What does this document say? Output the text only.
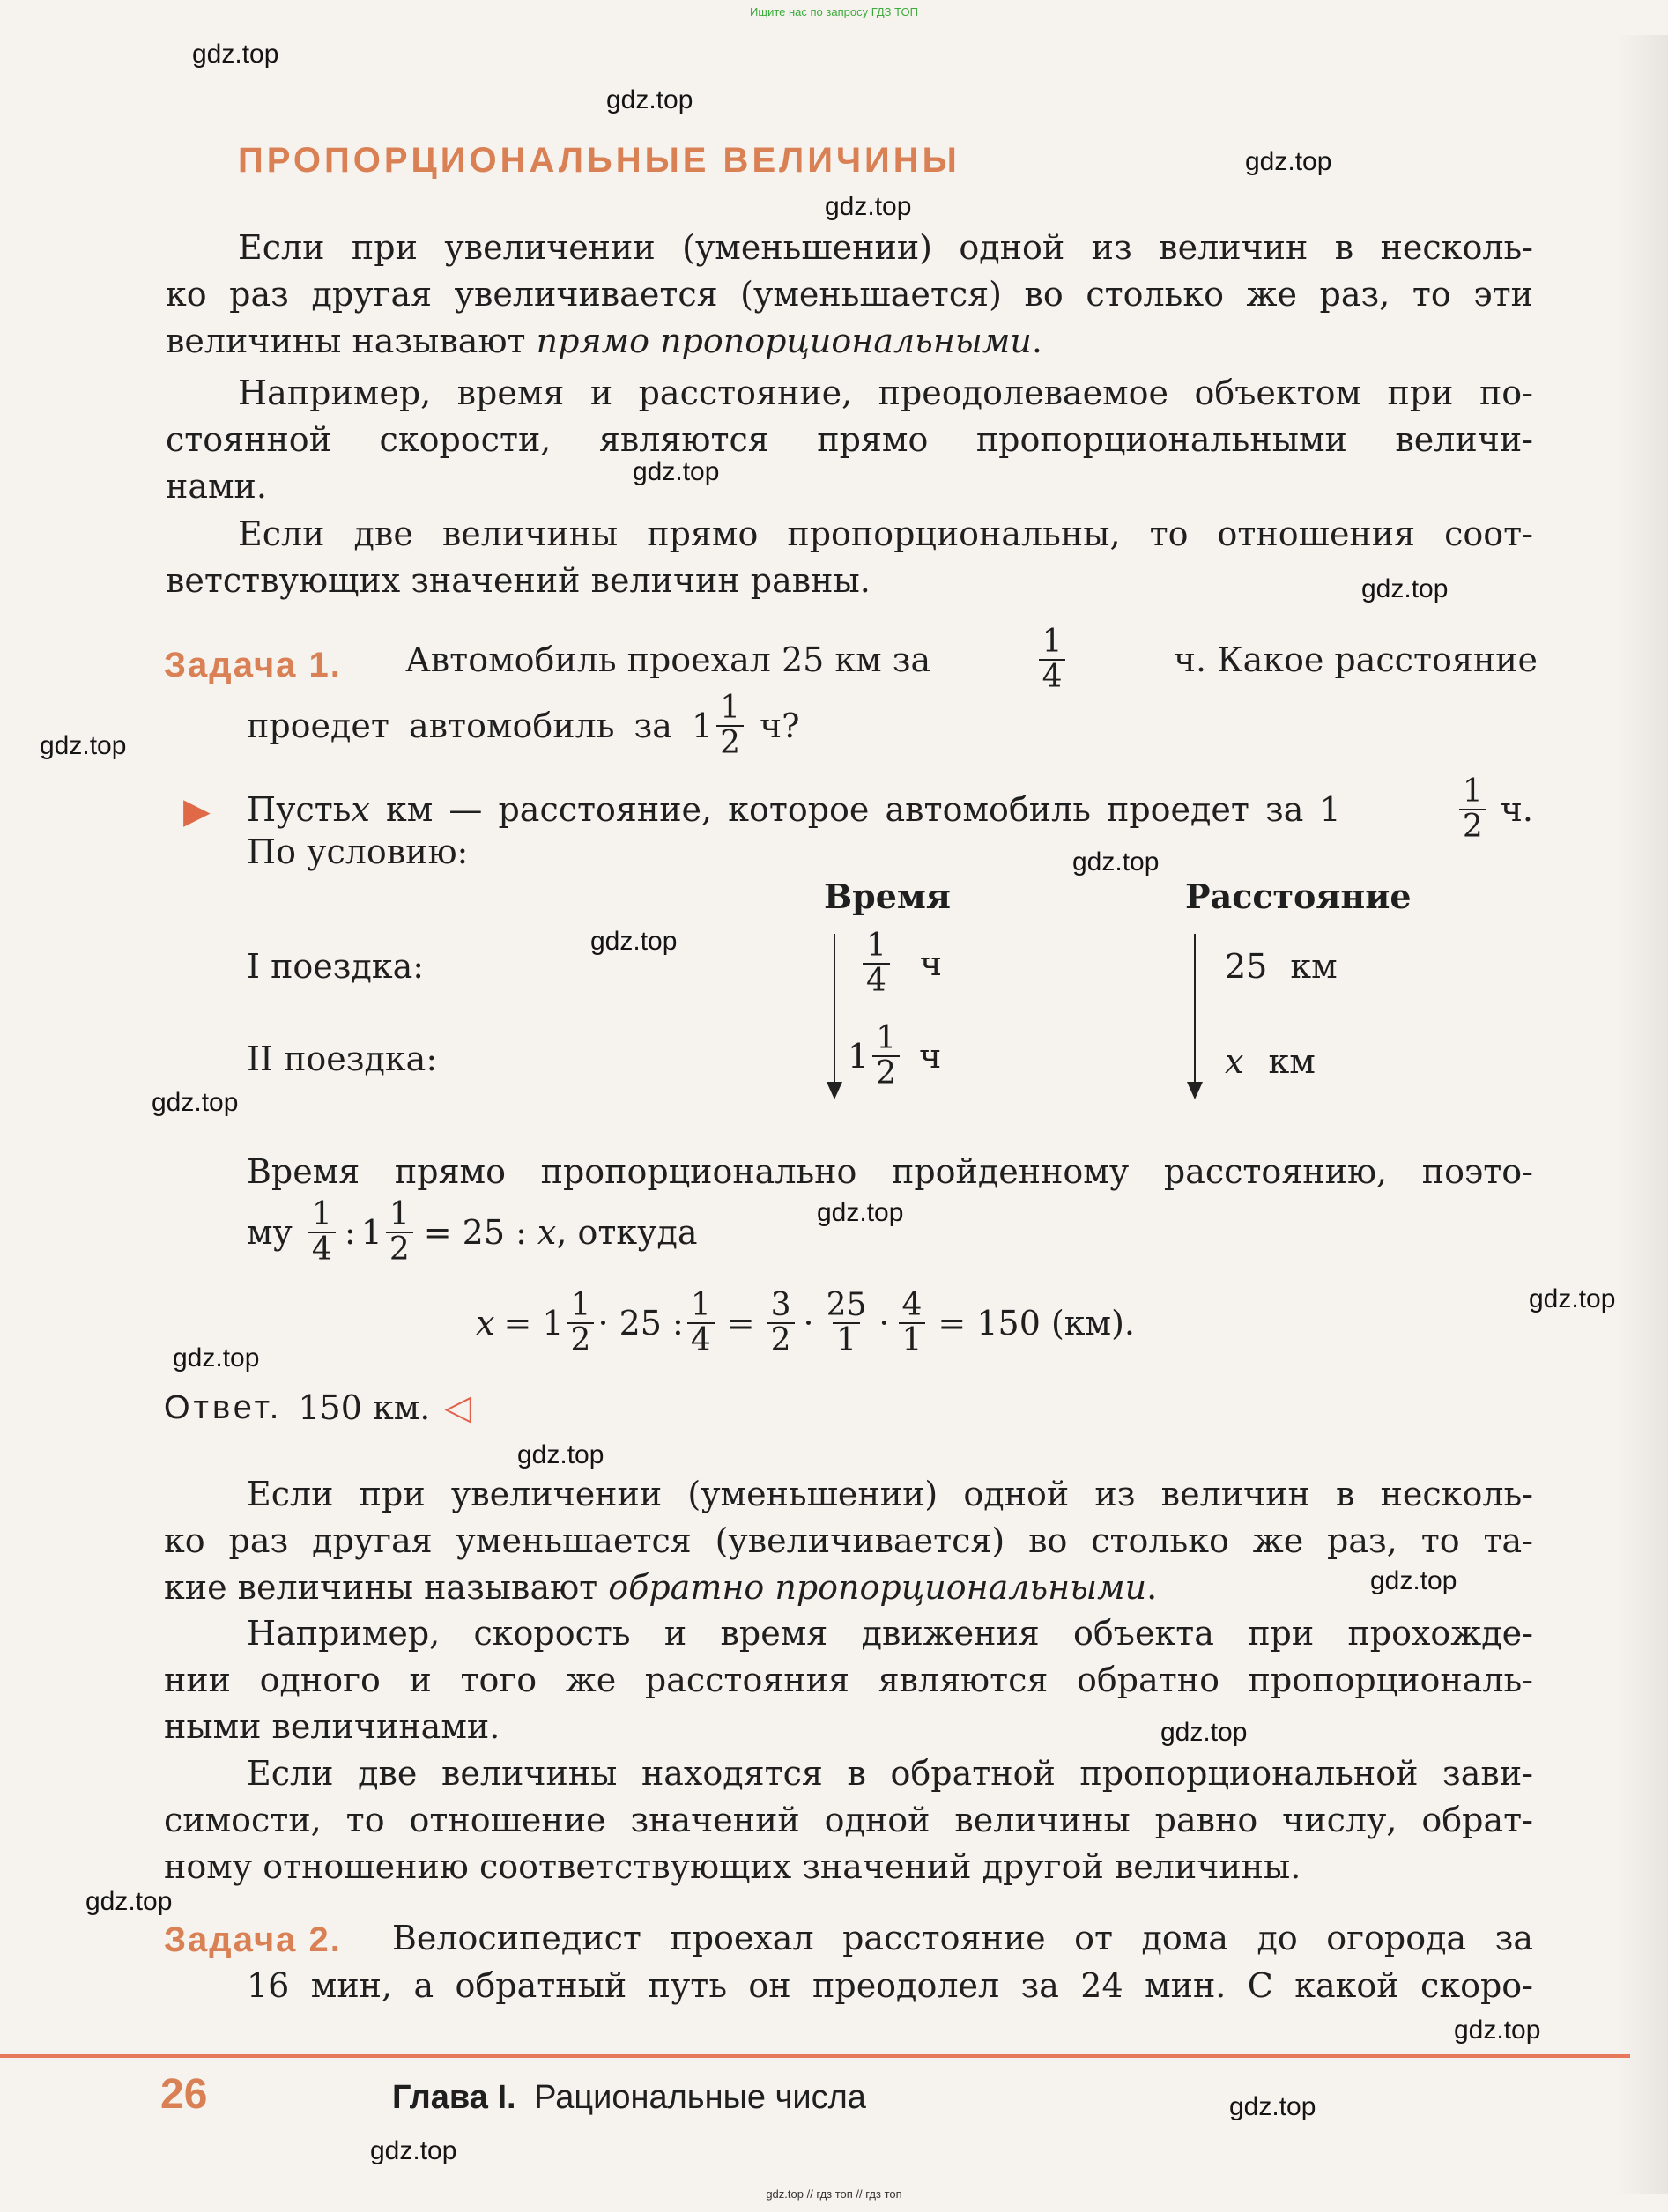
Ищите нас по запросу ГДЗ ТОП
ПРОПОРЦИОНАЛЬНЫЕ ВЕЛИЧИНЫ
Если при увеличении (уменьшении) одной из величин в несколь-
ко раз другая увеличивается (уменьшается) во столько же раз, то эти
величины называют прямо пропорциональными.
Например, время и расстояние, преодолеваемое объектом при по-
стоянной скорости, являются прямо пропорциональными величи-
нами.
Если две величины прямо пропорциональны, то отношения соот-
ветствующих значений величин равны.
Задача 1. Автомобиль проехал 25 км за	$\frac{1}{4}$	ч. Какое расстояние
проедет автомобиль за $1 \frac{1}{2} ч$?
▶ Пусть x км — расстояние, которое автомобиль проедет за 1	$\frac{1}{2} ч$.
По условию:
Время	Расстояние
I поездка:	$\frac{1}{4}$ ч	25 км
II поездка:	$1 \frac{1}{2}$ ч	x км
Время прямо пропорционально пройденному расстоянию, поэто-
му $\frac{1}{4}$ : $1 \frac{1}{2} = 25$ : x , откуда
$x = 1 \frac{1}{2} \cdot 25$ : $\frac{1}{4} = \frac{3}{2} \cdot \frac{25}{1} \cdot \frac{4}{1} = 150$ (км).
Ответ. 150 км. ◁
Если при увеличении (уменьшении) одной из величин в несколь-
ко раз другая уменьшается (увеличивается) во столько же раз, то та-
кие величины называют обратно пропорциональными.
Например, скорость и время движения объекта при прохожде-
нии одного и того же расстояния являются обратно пропорциональ-
ными величинами.
Если две величины находятся в обратной пропорциональной зави-
симости, то отношение значений одной величины равно числу, обрат-
ному отношению соответствующих значений другой величины.
Задача 2. Велосипедист проехал расстояние от дома до огорода за
16 мин, а обратный путь он преодолел за 24 мин. С какой скоро-
26	Глава I. Рациональные числа
gdz.top
gdz.top
gdz.top
gdz.top
gdz.top
gdz.top
gdz.top
gdz.top
gdz.top
gdz.top
gdz.top
gdz.top
gdz.top
gdz.top
gdz.top
gdz.top
gdz.top
gdz.top
gdz.top
gdz.top
gdz.top // гдз топ // гдз топ
